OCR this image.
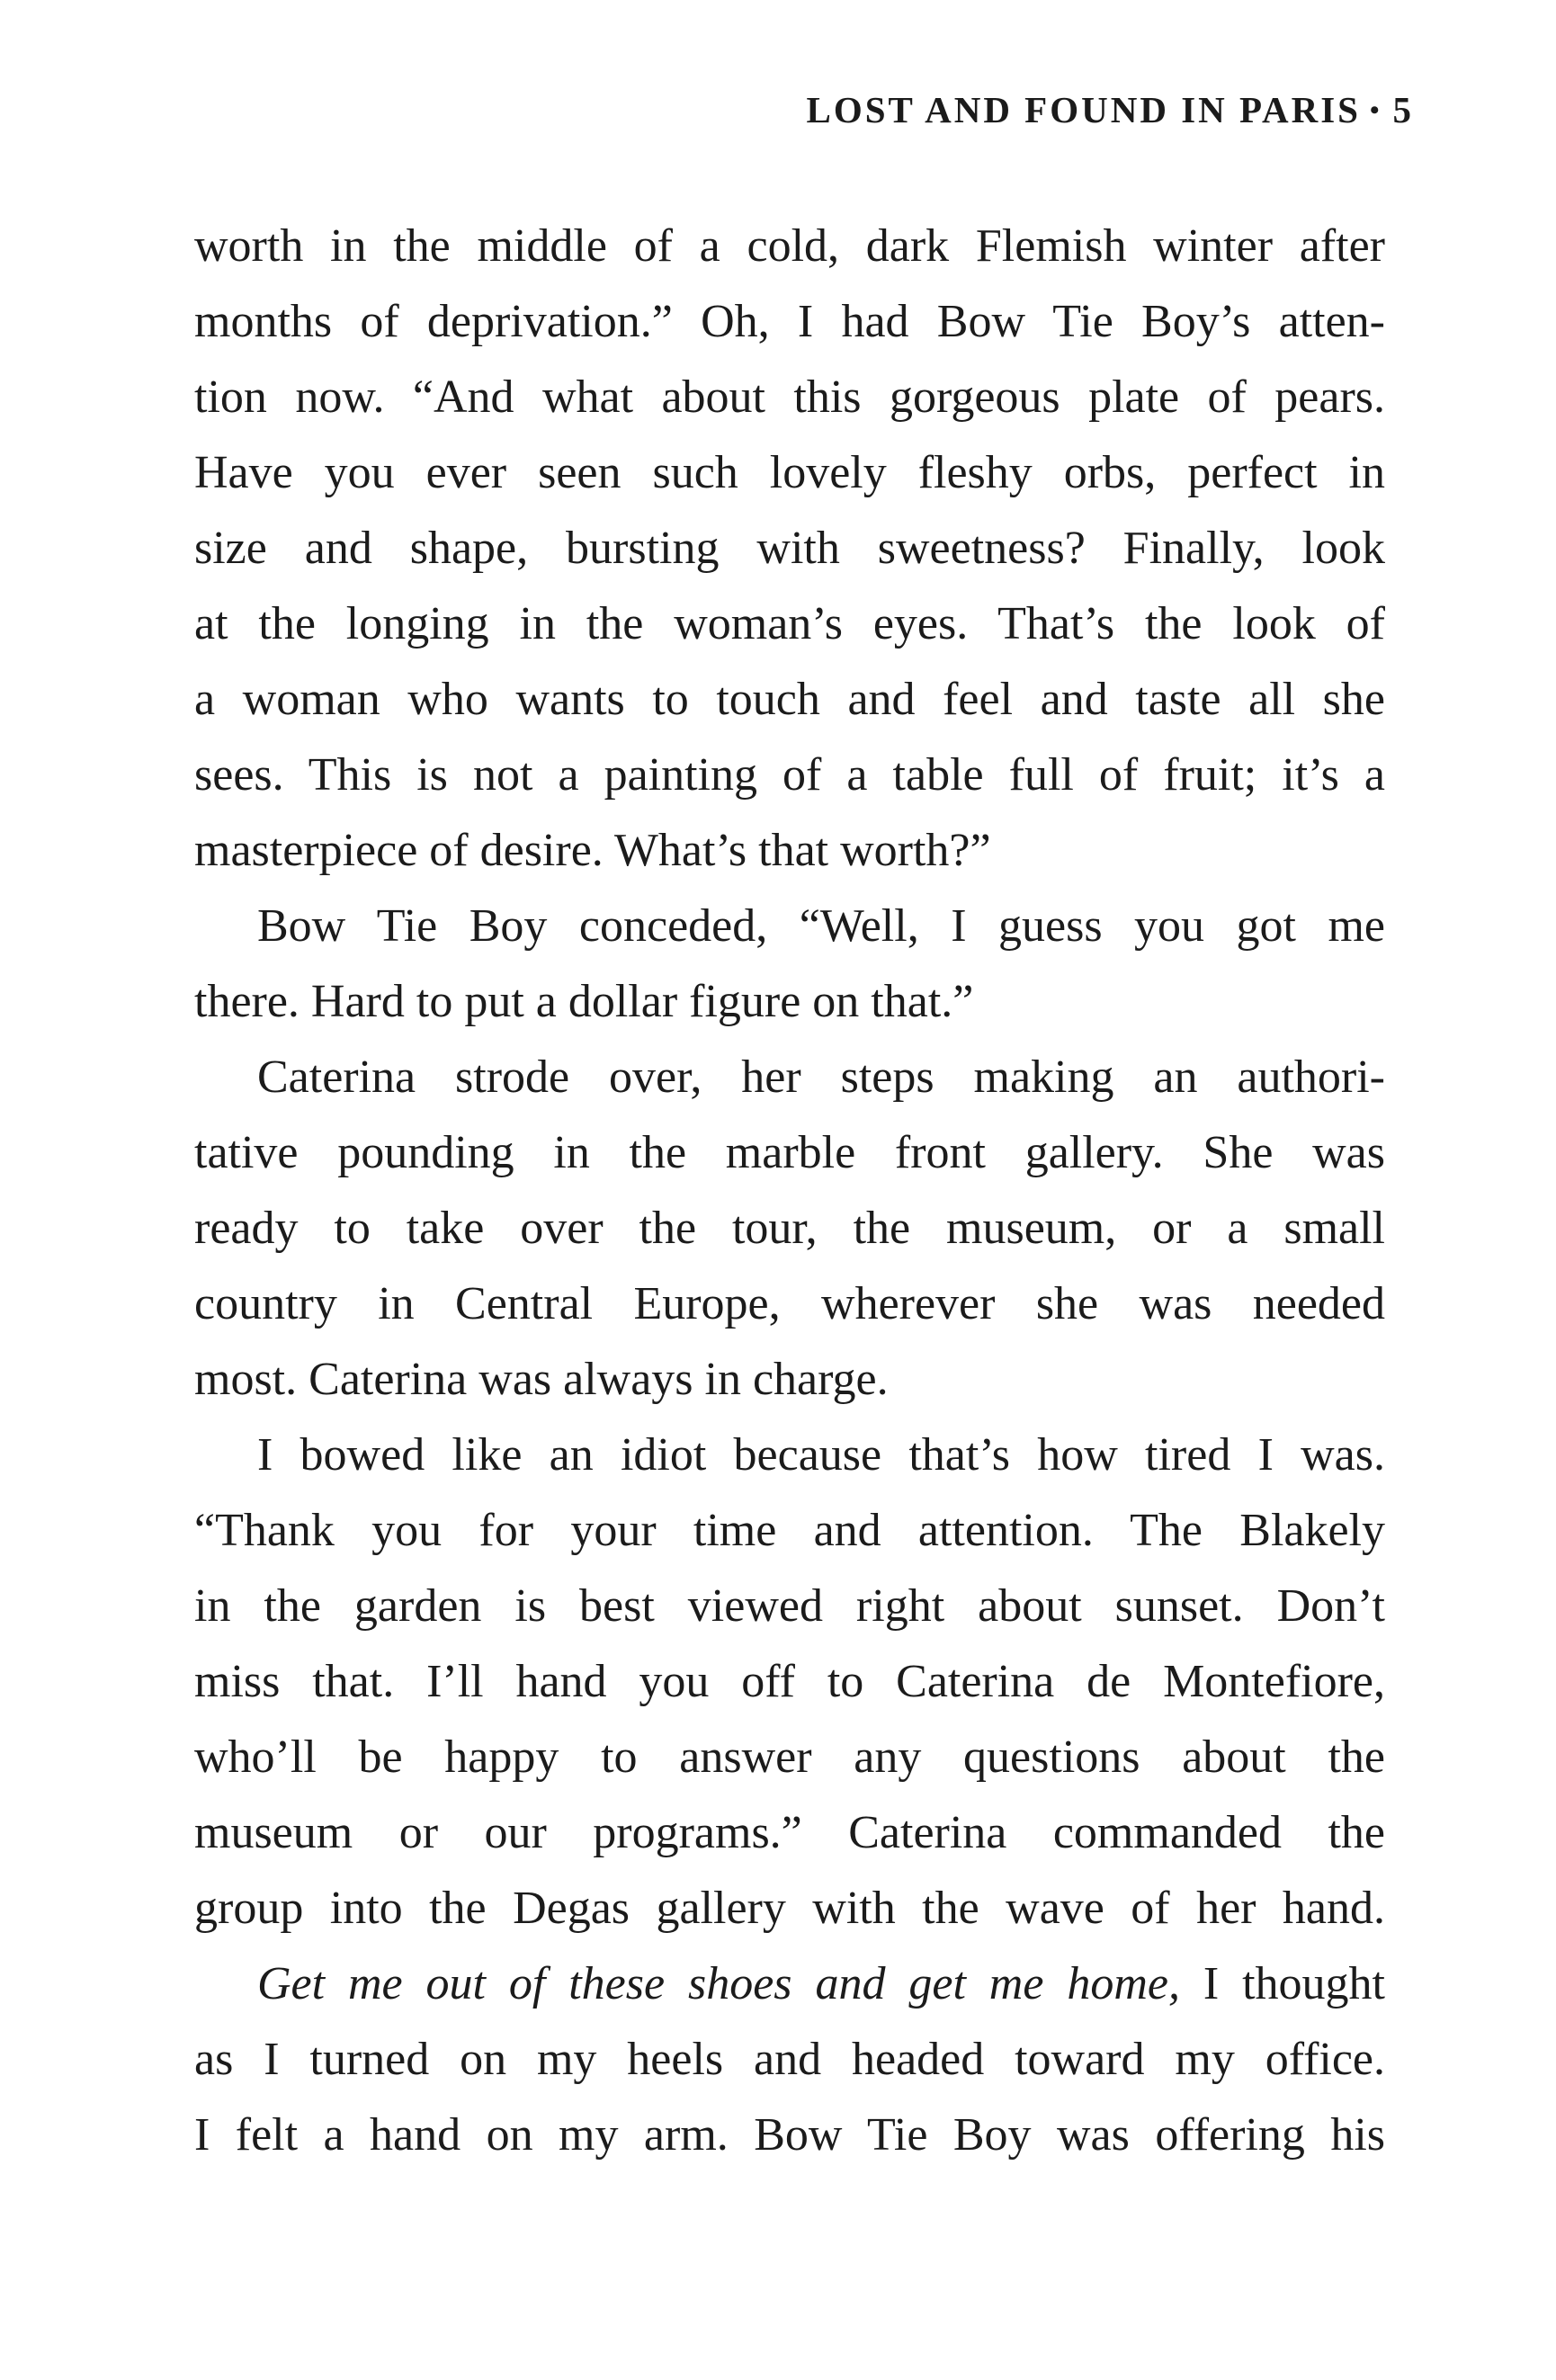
LOST AND FOUND IN PARIS • 5
worth in the middle of a cold, dark Flemish winter after
months of deprivation.” Oh, I had Bow Tie Boy’s atten-
tion now. “And what about this gorgeous plate of pears.
Have you ever seen such lovely fleshy orbs, perfect in
size and shape, bursting with sweetness? Finally, look
at the longing in the woman’s eyes. That’s the look of
a woman who wants to touch and feel and taste all she
sees. This is not a painting of a table full of fruit; it’s a
masterpiece of desire. What’s that worth?”
Bow Tie Boy conceded, “Well, I guess you got me
there. Hard to put a dollar figure on that.”
Caterina strode over, her steps making an authori-
tative pounding in the marble front gallery. She was
ready to take over the tour, the museum, or a small
country in Central Europe, wherever she was needed
most. Caterina was always in charge.
I bowed like an idiot because that’s how tired I was.
“Thank you for your time and attention. The Blakely
in the garden is best viewed right about sunset. Don’t
miss that. I’ll hand you off to Caterina de Montefiore,
who’ll be happy to answer any questions about the
museum or our programs.” Caterina commanded the
group into the Degas gallery with the wave of her hand.
Get me out of these shoes and get me home, I thought
as I turned on my heels and headed toward my office.
I felt a hand on my arm. Bow Tie Boy was offering his
